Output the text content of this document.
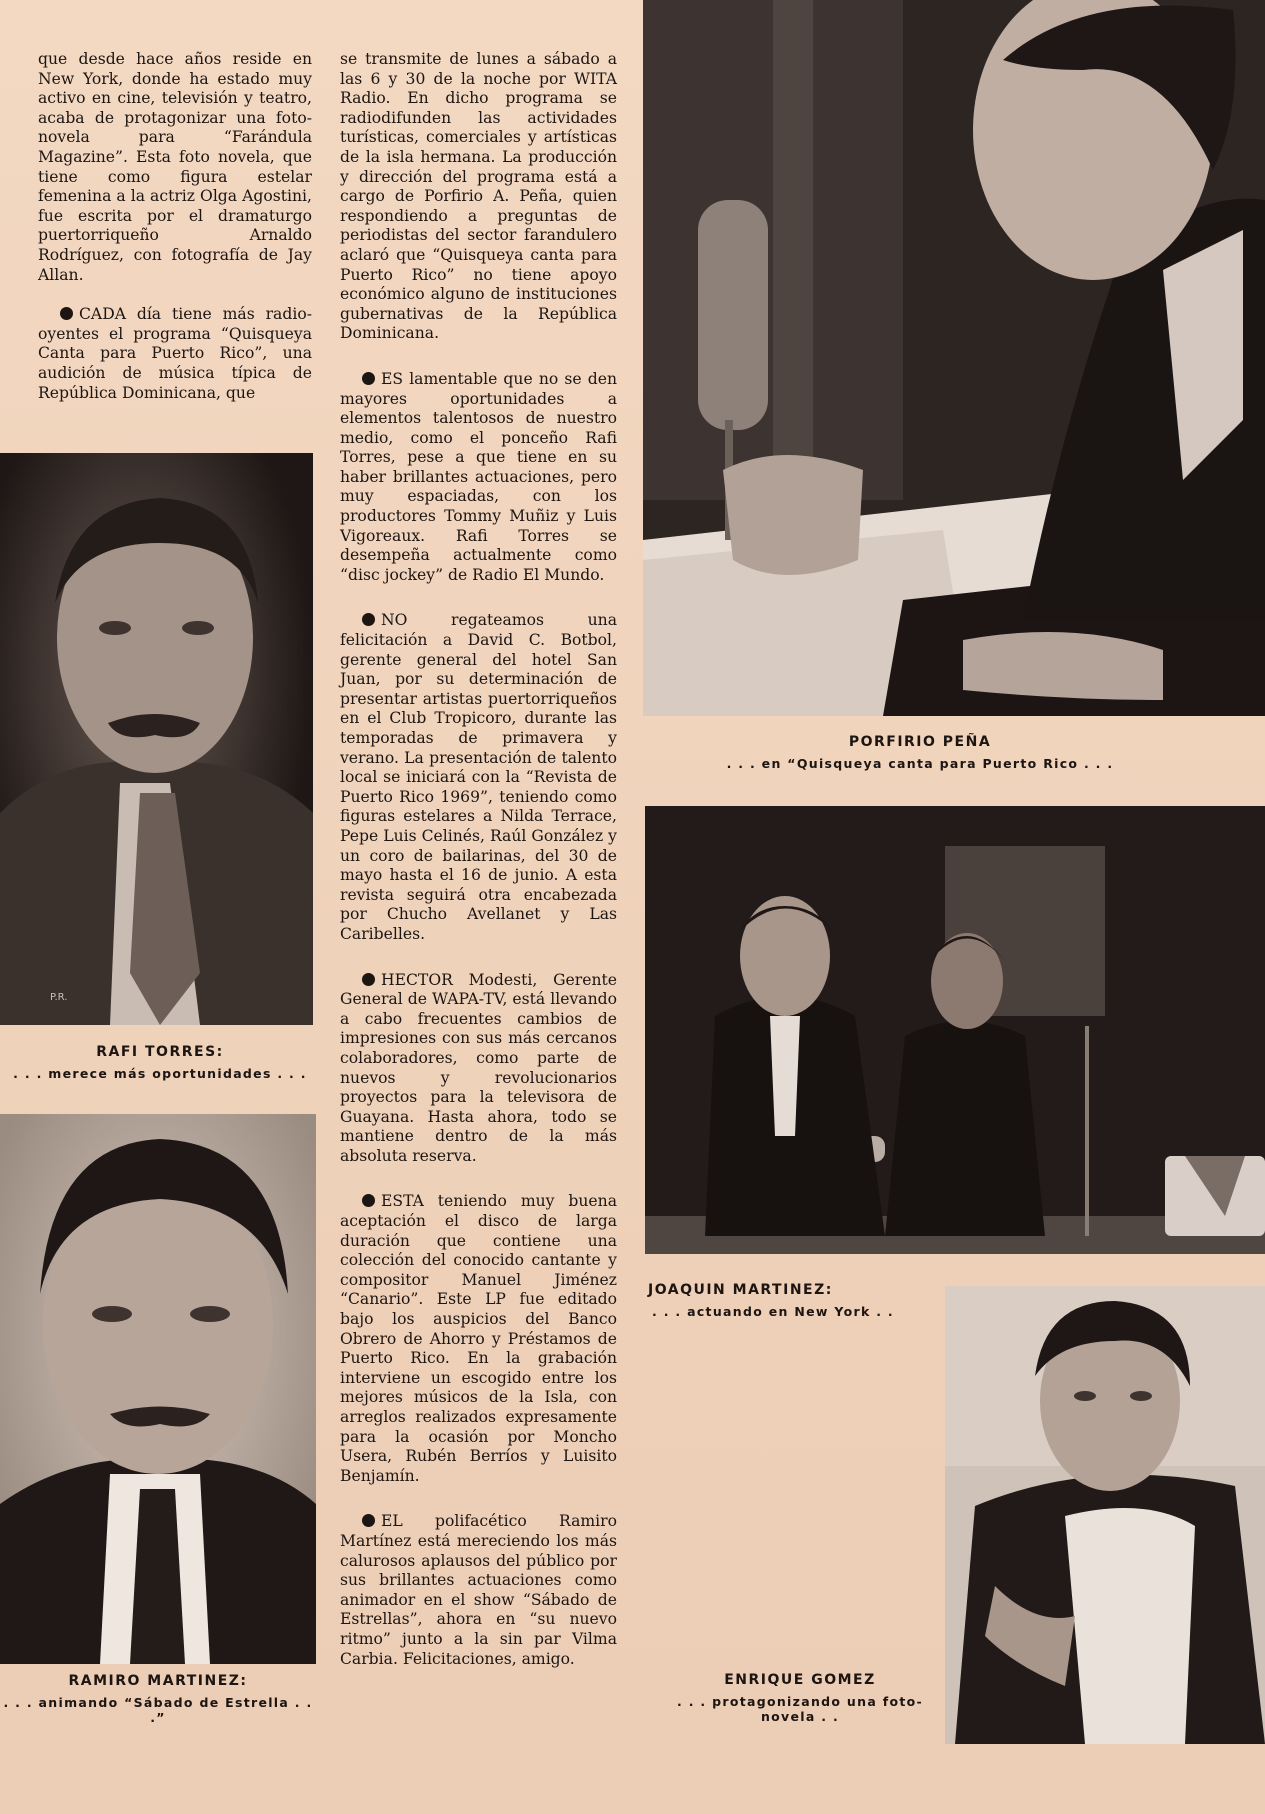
que desde hace años reside en New York, donde ha estado muy activo en cine, televisión y teatro, acaba de protagonizar una foto-novela para “Farándula Magazine”. Esta foto novela, que tiene como figura estelar femenina a la actriz Olga Agostini, fue escrita por el dramaturgo puertorriqueño Arnaldo Rodríguez, con fotografía de Jay Allan.

CADA día tiene más radio-oyentes el programa “Quisqueya Canta para Puerto Rico”, una audición de música típica de República Dominicana, que

se transmite de lunes a sábado a las 6 y 30 de la noche por WITA Radio. En dicho programa se radiodifunden las actividades turísticas, comerciales y artísticas de la isla hermana. La producción y dirección del programa está a cargo de Porfirio A. Peña, quien respondiendo a preguntas de periodistas del sector farandulero aclaró que “Quisqueya canta para Puerto Rico” no tiene apoyo económico alguno de instituciones gubernativas de la República Dominicana.

ES lamentable que no se den mayores oportunidades a elementos talentosos de nuestro medio, como el ponceño Rafi Torres, pese a que tiene en su haber brillantes actuaciones, pero muy espaciadas, con los productores Tommy Muñiz y Luis Vigoreaux. Rafi Torres se desempeña actualmente como “disc jockey” de Radio El Mundo.

NO regateamos una felicitación a David C. Botbol, gerente general del hotel San Juan, por su determinación de presentar artistas puertorriqueños en el Club Tropicoro, durante las temporadas de primavera y verano. La presentación de talento local se iniciará con la “Revista de Puerto Rico 1969”, teniendo como figuras estelares a Nilda Terrace, Pepe Luis Celinés, Raúl González y un coro de bailarinas, del 30 de mayo hasta el 16 de junio. A esta revista seguirá otra encabezada por Chucho Avellanet y Las Caribelles.

HECTOR Modesti, Gerente General de WAPA-TV, está llevando a cabo frecuentes cambios de impresiones con sus más cercanos colaboradores, como parte de nuevos y revolucionarios proyectos para la televisora de Guayana. Hasta ahora, todo se mantiene dentro de la más absoluta reserva.

ESTA teniendo muy buena aceptación el disco de larga duración que contiene una colección del conocido cantante y compositor Manuel Jiménez “Canario”. Este LP fue editado bajo los auspicios del Banco Obrero de Ahorro y Préstamos de Puerto Rico. En la grabación interviene un escogido entre los mejores músicos de la Isla, con arreglos realizados expresamente para la ocasión por Moncho Usera, Rubén Berríos y Luisito Benjamín.

EL polifacético Ramiro Martínez está mereciendo los más calurosos aplausos del público por sus brillantes actuaciones como animador en el show “Sábado de Estrellas”, ahora en “su nuevo ritmo” junto a la sin par Vilma Carbia. Felicitaciones, amigo.

P.R.
RAFI TORRES:
. . . merece más oportunidades . . .
RAMIRO MARTINEZ:
. . . animando “Sábado de Estrella . . .”
PORFIRIO PEÑA
. . . en “Quisqueya canta para Puerto Rico . . .
JOAQUIN MARTINEZ:
. . . actuando en New York . .
ENRIQUE GOMEZ
. . . protagonizando una foto-novela . .
